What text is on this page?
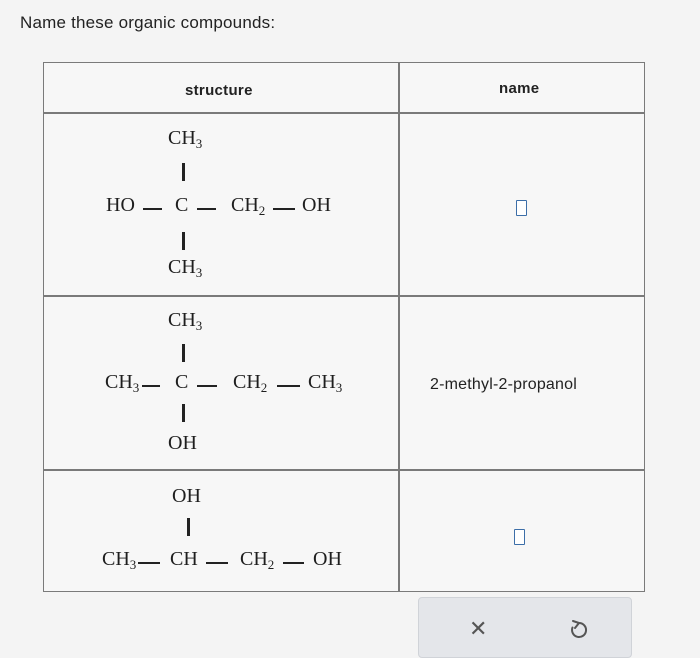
Name these organic compounds:
structure	name
$CH_3$
HO C $CH_2$ OH
$CH_3$
$CH_3$
$CH_3$ C $CH_2$ $CH_3$
OH
2-methyl-2-propanol
OH
$CH_3$ CH $CH_2$ OH
✕
